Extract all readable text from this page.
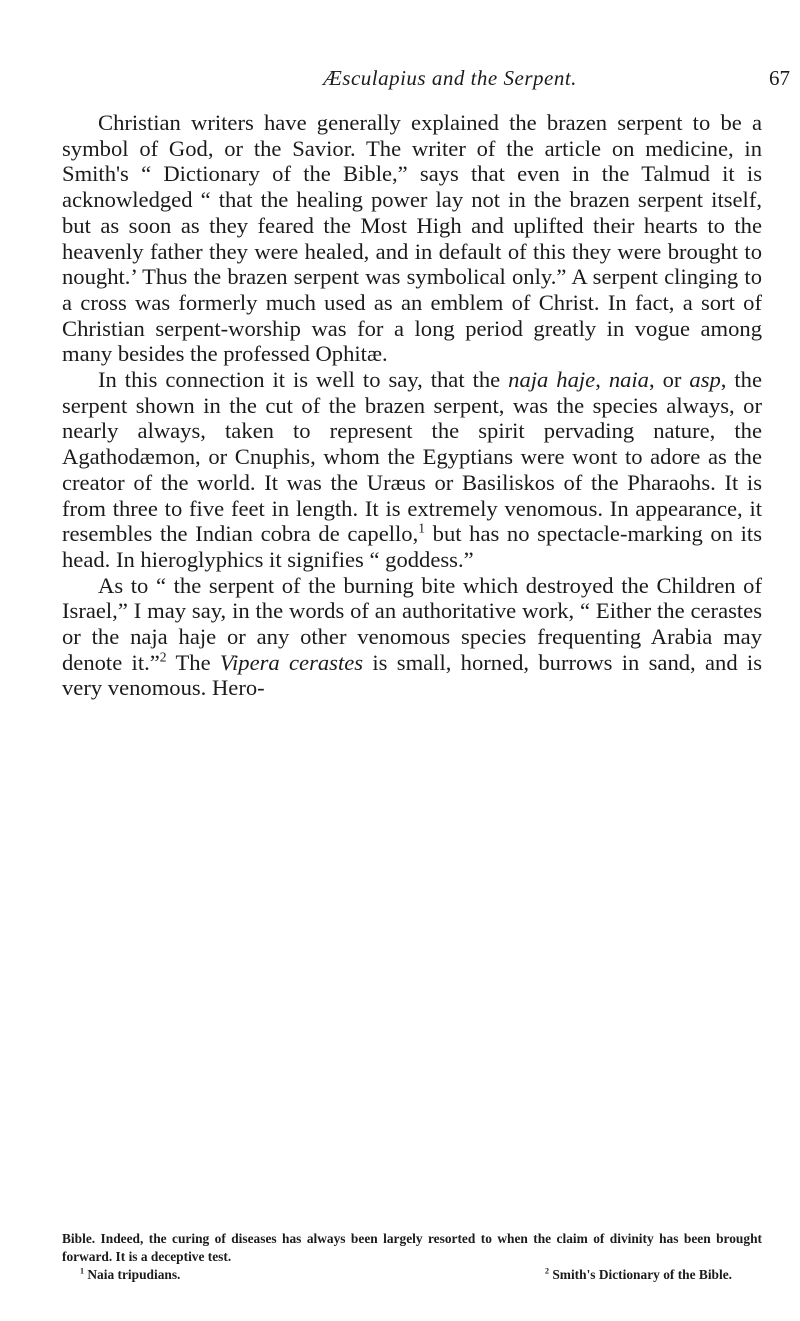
Æsculapius and the Serpent.	67

Christian writers have generally explained the brazen serpent to be a symbol of God, or the Savior. The writer of the article on medicine, in Smith's “ Dictionary of the Bible,” says that even in the Talmud it is acknowledged “ that the healing power lay not in the brazen serpent itself, but as soon as they feared the Most High and uplifted their hearts to the heavenly father they were healed, and in default of this they were brought to nought.’ Thus the brazen serpent was symbolical only.” A serpent clinging to a cross was formerly much used as an emblem of Christ. In fact, a sort of Christian serpent-worship was for a long period greatly in vogue among many besides the professed Ophitæ.

In this connection it is well to say, that the naja haje, naia, or asp, the serpent shown in the cut of the brazen serpent, was the species always, or nearly always, taken to represent the spirit pervading nature, the Agathodæmon, or Cnuphis, whom the Egyptians were wont to adore as the creator of the world. It was the Uræus or Basiliskos of the Pharaohs. It is from three to five feet in length. It is extremely venomous. In appearance, it resembles the Indian cobra de capello,$^1$ but has no spectacle-marking on its head. In hieroglyphics it signifies “ goddess.”

As to “ the serpent of the burning bite which destroyed the Children of Israel,” I may say, in the words of an authoritative work, “ Either the cerastes or the naja haje or any other venomous species frequenting Arabia may denote it.”$^2$ The Vipera cerastes is small, horned, burrows in sand, and is very venomous. Hero-

Bible. Indeed, the curing of diseases has always been largely resorted to when the claim of divinity has been brought forward. It is a deceptive test.

$^1$ Naia tripudians.	$^2$ Smith's Dictionary of the Bible.
